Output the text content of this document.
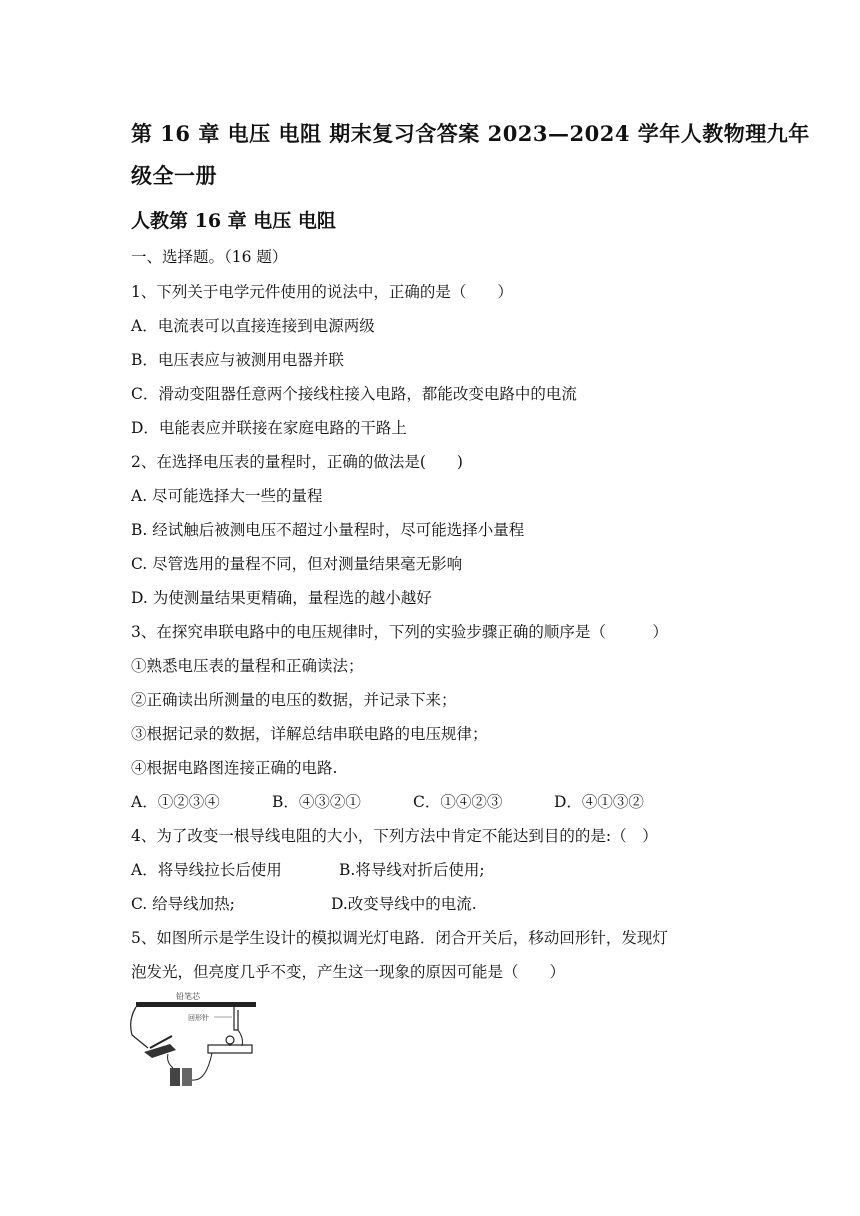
第 16 章 电压 电阻 期末复习含答案 2023—2024 学年人教物理九年
级全一册
人教第 16 章 电压 电阻
一、选择题。（16 题）
1、下列关于电学元件使用的说法中，正确的是（　　）
A．电流表可以直接连接到电源两级
B．电压表应与被测用电器并联
C．滑动变阻器任意两个接线柱接入电路，都能改变电路中的电流
D．电能表应并联接在家庭电路的干路上
2、在选择电压表的量程时，正确的做法是(　　)
A. 尽可能选择大一些的量程
B. 经试触后被测电压不超过小量程时，尽可能选择小量程
C. 尽管选用的量程不同，但对测量结果毫无影响
D. 为使测量结果更精确，量程选的越小越好
3、在探究串联电路中的电压规律时，下列的实验步骤正确的顺序是（　　　）
①熟悉电压表的量程和正确读法；
②正确读出所测量的电压的数据，并记录下来；
③根据记录的数据，详解总结串联电路的电压规律；
④根据电路图连接正确的电路.
A．①②③④	B．④③②①	C．①④②③	D．④①③②
4、为了改变一根导线电阻的大小，下列方法中肯定不能达到目的的是:（　）
A．将导线拉长后使用	B.将导线对折后使用;
C. 给导线加热;	D.改变导线中的电流.
5、如图所示是学生设计的模拟调光灯电路．闭合开关后，移动回形针，发现灯
泡发光，但亮度几乎不变，产生这一现象的原因可能是（　　）
铅笔芯
回形针
